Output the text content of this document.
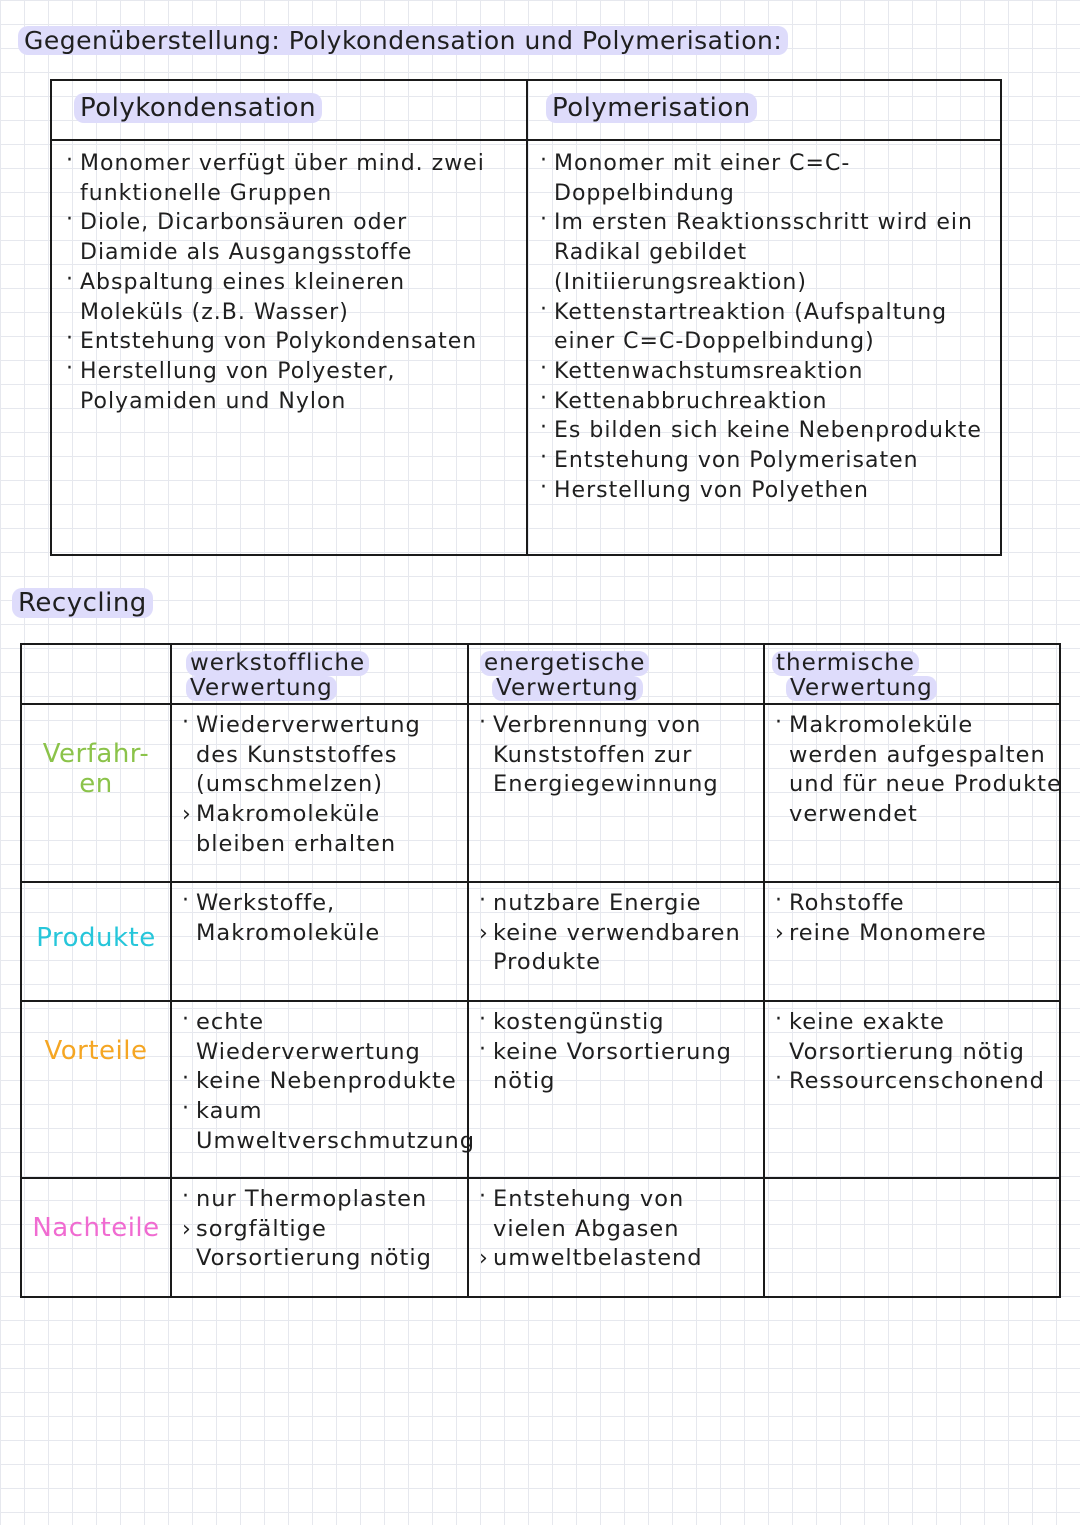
Gegenüberstellung: Polykondensation und Polymerisation:
Polykondensation	Polymerisation
· Monomer verfügt über mind. zwei funktionelle Gruppen
· Diole, Dicarbonsäuren oder Diamide als Ausgangsstoffe
· Abspaltung eines kleineren Moleküls (z.B. Wasser)
· Entstehung von Polykondensaten
· Herstellung von Polyester, Polyamiden und Nylon
· Monomer mit einer C=C-Doppelbindung
· Im ersten Reaktionsschritt wird ein Radikal gebildet (Initiierungsreaktion)
· Kettenstartreaktion (Aufspaltung einer C=C-Doppelbindung)
· Kettenwachstumsreaktion
· Kettenabbruchreaktion
· Es bilden sich keine Nebenprodukte
· Entstehung von Polymerisaten
· Herstellung von Polyethen
Recycling
werkstoffliche
Verwertung
energetische
Verwertung
thermische
Verwertung
Verfahr-
en
· Wiederverwertung des Kunststoffes (umschmelzen)
› Makromoleküle bleiben erhalten
· Verbrennung von Kunststoffen zur Energiegewinnung
· Makromoleküle werden aufgespalten und für neue Produkte verwendet
Produkte
· Werkstoffe, Makromoleküle
· nutzbare Energie
› keine verwendbaren Produkte
· Rohstoffe
› reine Monomere
Vorteile
· echte Wiederverwertung
· keine Nebenprodukte
· kaum Umweltverschmutzung
· kostengünstig
· keine Vorsortierung nötig
· keine exakte Vorsortierung nötig
· Ressourcenschonend
Nachteile
· nur Thermoplasten
› sorgfältige Vorsortierung nötig
· Entstehung von vielen Abgasen
› umweltbelastend
